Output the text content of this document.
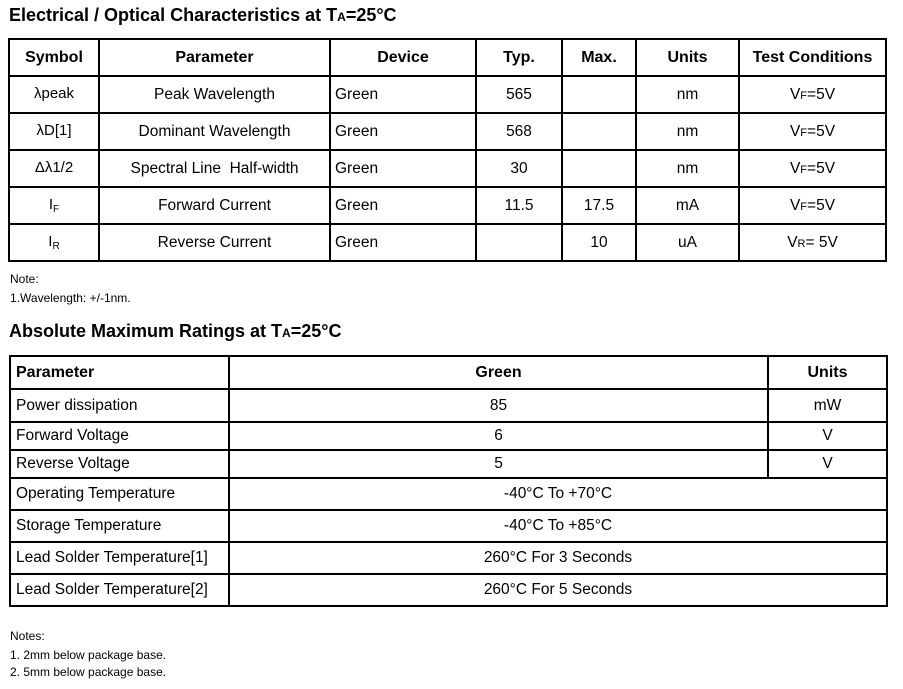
Electrical / Optical Characteristics at TA=25°C
Symbol	Parameter	Device	Typ.	Max.	Units	Test Conditions
λpeak	Peak Wavelength	Green	565		nm	VF=5V
λD[1]	Dominant Wavelength	Green	568		nm	VF=5V
Δλ1/2	Spectral Line  Half-width	Green	30		nm	VF=5V
$I_F$	Forward Current	Green	11.5	17.5	mA	VF=5V
$I_R$	Reverse Current	Green		10	uA	VR= 5V
Note:
1.Wavelength: +/-1nm.
Absolute Maximum Ratings at TA=25°C
Parameter	Green	Units
Power dissipation	85	mW
Forward Voltage	6	V
Reverse Voltage	5	V
Operating Temperature	-40°C To +70°C	
Storage Temperature	-40°C To +85°C	
Lead Solder Temperature[1]	260°C For 3 Seconds	
Lead Solder Temperature[2]	260°C For 5 Seconds	
Notes:
1. 2mm below package base.
2. 5mm below package base.
